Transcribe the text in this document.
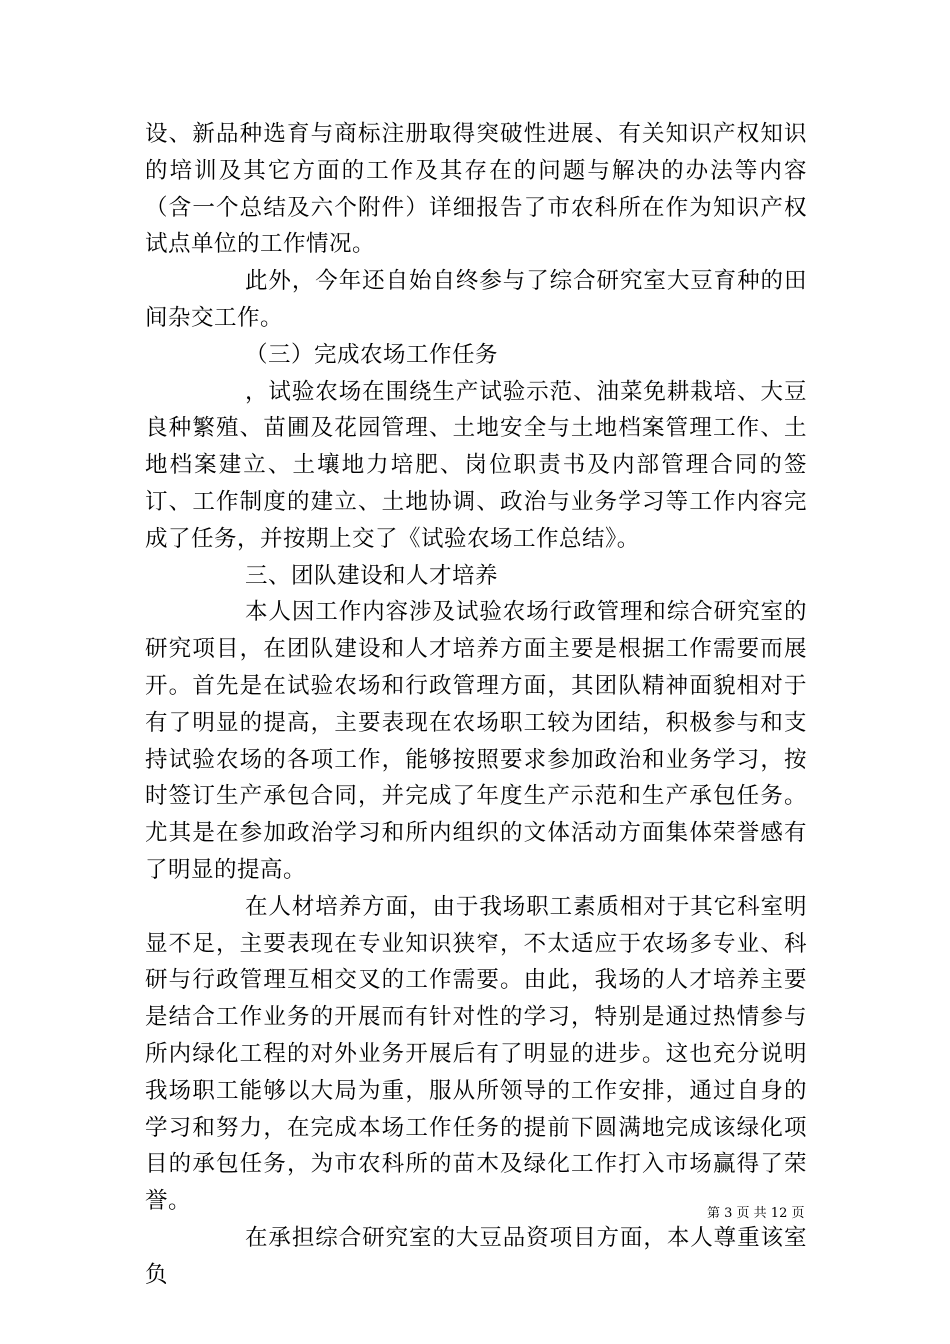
设、新品种选育与商标注册取得突破性进展、有关知识产权知识的培训及其它方面的工作及其存在的问题与解决的办法等内容（含一个总结及六个附件）详细报告了市农科所在作为知识产权试点单位的工作情况。

此外，今年还自始自终参与了综合研究室大豆育种的田间杂交工作。

（三）完成农场工作任务

，试验农场在围绕生产试验示范、油菜免耕栽培、大豆良种繁殖、苗圃及花园管理、土地安全与土地档案管理工作、土地档案建立、土壤地力培肥、岗位职责书及内部管理合同的签订、工作制度的建立、土地协调、政治与业务学习等工作内容完成了任务，并按期上交了《试验农场工作总结》。

三、团队建设和人才培养

本人因工作内容涉及试验农场行政管理和综合研究室的研究项目，在团队建设和人才培养方面主要是根据工作需要而展开。首先是在试验农场和行政管理方面，其团队精神面貌相对于有了明显的提高，主要表现在农场职工较为团结，积极参与和支持试验农场的各项工作，能够按照要求参加政治和业务学习，按时签订生产承包合同，并完成了年度生产示范和生产承包任务。尤其是在参加政治学习和所内组织的文体活动方面集体荣誉感有了明显的提高。

在人材培养方面，由于我场职工素质相对于其它科室明显不足，主要表现在专业知识狭窄，不太适应于农场多专业、科研与行政管理互相交叉的工作需要。由此，我场的人才培养主要是结合工作业务的开展而有针对性的学习，特别是通过热情参与所内绿化工程的对外业务开展后有了明显的进步。这也充分说明我场职工能够以大局为重，服从所领导的工作安排，通过自身的学习和努力，在完成本场工作任务的提前下圆满地完成该绿化项目的承包任务，为市农科所的苗木及绿化工作打入市场赢得了荣誉。

在承担综合研究室的大豆品资项目方面，本人尊重该室负

第 3 页 共 12 页
